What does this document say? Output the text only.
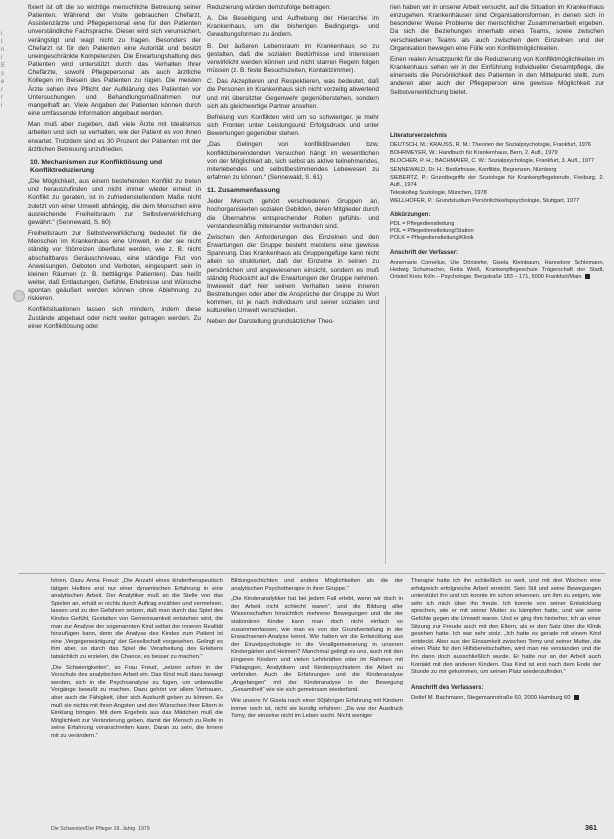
i
t
n
i
E
s
e
r
r
i

fixiert ist oft die so wichtige menschliche Betreuung seiner Patienten. Während der Visite gebrauchen Chefarzt, Assistenzärzte und Pflegepersonal eine für den Patienten unverständliche Fachsprache. Dieser wird sich verunsichert, verängstigt und wagt nicht zu fragen. Besonders der Chefarzt ist für den Patienten eine Autorität und besitzt uneingeschränkte Kompetenzen. Die Erwartungshaltung des Patienten wird unterstützt durch das Verhalten Ihrer Chefärzte, sowohl Pflegepersonal als auch ärztliche Kollegen im Beisein des Patienten zu rügen. Die meisten Ärzte sehen ihre Pflicht der Aufklärung des Patienten vor Untersuchungen und Behandlungsmaßnahmen nur mangelhaft an. Viele Angaben der Patienten können durch eine umfassende Information abgebaut werden.

Man muß aber zugeben, daß viele Ärzte mit Idealismus arbeiten und sich so verhalten, wie der Patient es von ihnen erwartet. Trotzdem sind es 30 Prozent der Patienten mit der ärztlichen Betreuung unzufrieden.

10. Mechanismen zur Konfliktlösung und Konfliktreduzierung

„Die Möglichkeit, aus einem bestehenden Konflikt zu treten und herauszufinden und nicht immer wieder erneut in Konflikt zu geraten, ist in zufriedenstellendem Maße nicht zuletzt von einer Umwelt abhängig, die dem Menschen eine ausreichende Freiheitsraum zur Selbstverwirklichung gewährt.“ (Sennewald, S. 60)

Freiheitsraum zur Selbstverwirklichung bedeutet für die Menschen im Krankenhaus eine Umwelt, in der sie nicht ständig vor Störreizen überflutet werden, wie z. B. nicht abschaltbares Geräuschniveau, eine ständige Flut von Anweisungen, Geboten und Verboten, eingesperrt sein in kleinen Räumen (z. B. bettlägrige Patienten). Das heißt weiter, daß Entlastungen, Gefühle, Erlebnisse und Wünsche spontan geäußert werden können ohne Ablehnung zu riskieren.

Konfliktsituationen lassen sich mindern, indem diese Zustände abgebaut oder nicht weiter getragen werden. Zu einer Konfliktlösung oder

Reduzierung würden demzufolge beitragen:

A. Die Beseitigung und Aufhebung der Hierarchie im Krankenhaus, um die bisherigen Bedingungs- und Gewaltungsformen zu ändern.

B. Der äußeren Lebensraum im Krankenhaus so zu gestalten, daß die sozialen Bedürfnisse und Interessen verwirklicht werden können und nicht starren Regeln folgen müssen (z. B. feste Besuchszeiten, Kontaktzimmer).

C. Das Akzeptieren und Respektieren, was bedeutet, daß die Personen im Krankenhaus sich nicht vorzeitig abwertend und mit übersitzter Gegenwehr gegenüberstehen, sondern sich als gleichwertige Partner ansehen.

Befreiung von Konflikten wird um so schwieriger, je mehr sich Fronten unter Leistungsund Erfolgsdruck und unter Bewertungen gegenüber stehen.

„Das Gelingen von konfliktlösenden bzw. konfliktüberwindenden Versuchen hängt im wesentlichen von der Möglichkeit ab, sich selbst als aktive teilnehmendes, miterlebendes und selbstbestimmendes Lebewesen zu erfahren zu können.“ (Sennewald, S. 61)

11. Zusammenfassung

Jeder Mensch gehört verschiedenen Gruppen an, hochorganisierten sozialen Gebilden, deren Mitglieder durch die Übernahme entsprechender Rollen gefühls- und verstandesmäßig miteinander verbunden sind.

Zwischen den Anforderungen des Einzelnen und den Erwartungen der Gruppe besteht meistens eine gewisse Spannung. Das Krankenhaus als Gruppengefüge kann nicht allein so strukturiert, daß der Einzelne in seinen zu persönlichen und angewiesenen einsicht, sondern es muß ständig Rücksicht auf die Erwartungen der Gruppe nehmen. Inwieweit darf hier seinem Verhalten seine inneren Bestrebungen oder aber die Ansprüche der Gruppe zu Wort kommen, ist je nach individuum und seiner sozialen und kulturellen Umwelt verschieden.

Neben der Darstellung grundsätzlicher Theo-

rien haben wir in unserer Arbeit versucht, auf die Situation im Krankenhaus einzugehen. Krankenhäuser sind Organisationsformen, in denen sich in besonderer Weise Probleme der menschlicher Zusammenarbeit ergeben. Da sich die Beziehungen innerhalb eines Teams, sowie zwischen verschiedenen Teams als auch zwischen dem Einzelnen und der Organisation bewegen eine Fülle von Konfliktmöglichkeiten.

Einen realen Ansatzpunkt für die Reduzierung von Konfliktmöglichkeiten im Krankenhaus sehen wir in der Einführung individueller Gesamtpflege, die einerseits die Persönlichkeit des Patienten in den Mittelpunkt stellt, zum anderen aber auch der Pflegeperson eine gewisse Möglichkeit zur Selbstverwirklichung bietet.

Literaturverzeichnis

DEUTSCH, M.; KRAUSS, R. M.: Theorien der Sozialpsychologie, Frankfurt, 1976

BOHRMEYER, W.: Handbuch für Krankenhaus, Bern, 2. Aufl., 1979

BLOCHER, P. H.; BACHMAIER, C. W.: Sozialpsychologie, Frankfurt, 3. Aufl., 1977

SENNEWALD, Dr. H.: Bedürfnisse, Konflikte, Begrenzen, Nürnberg

SIEBERTZ, P.: Grundbegriffe der Soziologie für Krankenpflegeberufe, Freiburg, 2. Aufl., 1974

Teleskolleg Soziologie, München, 1978

WELLHOFER, P.: Grundstudium Persönlichkeitspsychologie, Stuttgart, 1977

Abkürzungen:

PDL = Pflegedienstleitung

POL = Pflegedienstleitung/Station

POLK = Pflegedienstleitung/Klinik

Anschrift der Verfasser:

Annemarie Cornelius, Ute Dörisiefer, Gisela Kleinbaum, Hannelore Schlemann, Hedwig Schumacher, Reita Weiß, Krankenpflegeschule Trägerschaft der Stadt, Ortsteil Kreis Köln – Psychologie, Bergstraße 183 – 171, 5000 Frankfurt/Main

hören. Dazu Anna Freud: „Die Anzahl eines kindertherapeutisch tätigen Helfers erst nur einer dynamischen Erfahrung in eine analytischen Arbeit. Der Analytiker muß an die Stelle von das Spielen an, erhält er nichts durch Auftrag erzählen und vermehren, lassen und zu den Gefahren setzen, daß man durch das Spiel des Kindes Gefühl, Gestalten von Gemeinsamkeit entstehen wird, die man zur Analyse der sogenannten Kind selbst der inneren Realität hinzufügen kann, denn die Analyse des Kindes zum Patient ist eine ‚Vergegenwärtigung‘ der Gesellschaft vorgesehen. Gelingt es ihm aber, so durch das Spiel die Verarbeitung des Erlebens tatsächlich zu erzielen, die Chance, es besser zu machen.“

„Die Schwierigkeiten“, so Frau Freud, „setzen schon in der Vorschule des analytischen Arbeit ein. Das Kind muß dazu bewegt werden, sich in die Psychoanalyse zu fügen, um unbewußte Vorgänge bewußt zu machen. Dazu gehört vor allem Vertrauen, aber auch die Fähigkeit, über sich Auskunft geben zu können. Es muß sie nichts mit ihren Angsten und den Wünschen ihrer Eltern in Einklang bringen. Mit dem Ergebnis aus das Mädchen muß die Möglichkeit zur Veränderung geben, damit der Mensch zu Reife in seine Erfahrung voranschreiten kann. Daran zu sein, die Innere mit zu verändern.“

Bildungsschichten und andere Möglichkeiten als die der analytischen Psychotherapie in ihrer Gruppe.“

„Die Kinderanalytiker hat bei jedem Fall erlebt, wenn wir doch in der Arbeit nicht schlecht waren“, und die Bildung aller Wissenschaften hinsichtlich mehrerer Bewegungen und die der stationären Kinder kann man doch nicht einfach so zusammenfassen, wie man es von der Grundverteilung in der Erwachsenen-Analyse kennt. Wie haben wir die Entwicklung aus der Einzelpsychologie in die Verallgemeinerung in unseren Kindergärten und Heimen? Manchmal gelingt es uns, auch mit den jüngeren Kindern und vielen Lehrkräften oder im Rahmen mit Pädagogen, Analytikern und Kinderpsychiatern die Arbeit zu verbinden. Auch die Erfahrungen und die Kinderanalyse „Angefangen“ mit der Kinderanalyse in der Bewegung „Gesamtheit“ wie sie sich gemeinsam wiederfand.

Wie unsere IV Gisela nach einer 50jährigen Erfahrung mit Kindern immer noch ist, nicht sie kundig erfahren: „Da war der Ausdruck Tomy, der einzelne nicht im Leben sucht. Nicht weniger

Therapie hatte ich ihn schließlich so weit, und mit drei Wochen eine erfolgreich erfolgreiche Arbeit erreicht. Sein Stil und seine Bewegungen unterstützt ihn und ich konnte im schon erkennen, um ihm zu zeigen, wie sehr ich mich über ihn freute. Ich konnte von seiner Entwicklung sprechen, wie er mit seiner Mutter zu kämpfen hatte, und wie seine Gefühle gegen die Umwelt waren. Und er ging ihm hinterher, ich an einer Sitzung zur Freude auch mit den Eltern, als er den Satz über die Klinik gesehen hatte. Ich war sehr stolz. „Ich hatte es gerade mit einem Kind entdeckt. Aber aus der Einsamkeit zwischen Tomy und seiner Mutter, die einen Platz für den Hilfsbereitschaften, wird man nie verstanden und die ihn dann doch ausschließlich wurde. Er hatte nur an der Arbeit auch Kontakt mit den anderen Kindern. Das Kind ist erst nach dem Ende der Stunde zu mir gekommen, um seinen Platz wiederzufinden.“

Anschrift des Verfassers:

Detlef M. Bachmann, Stegemannstraße 60, 2000 Hamburg 60

Die Schwester/Der Pfleger 18. Jahrg. 1979	361
